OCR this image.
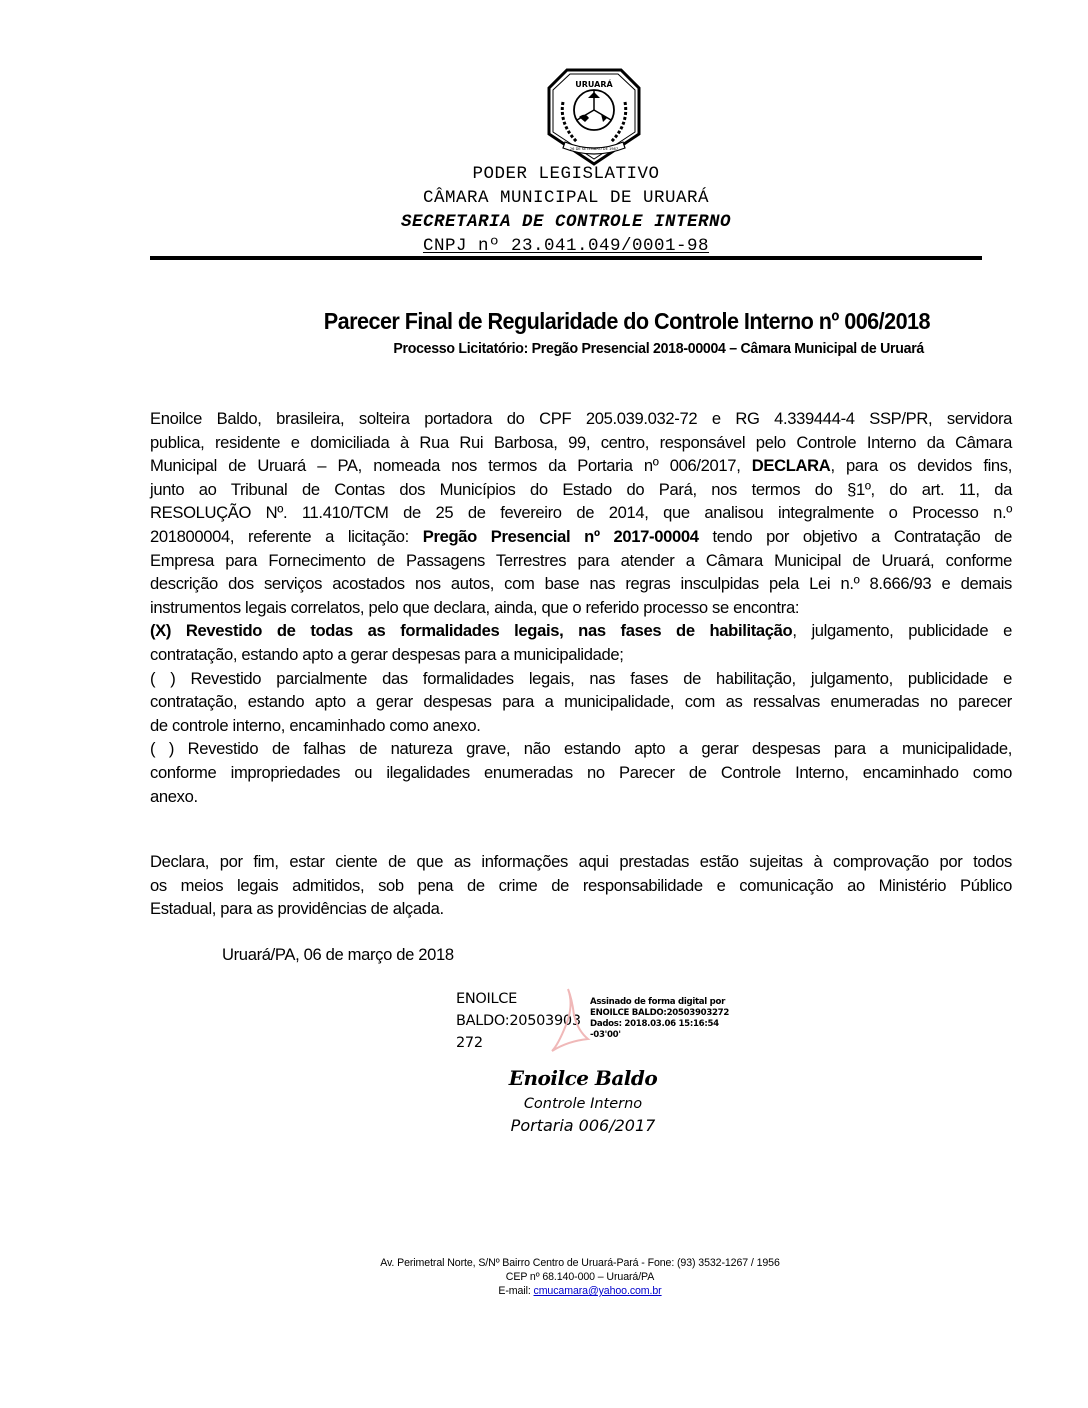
URUARÁ
26 DE SETEMBRO DE 1987
PODER LEGISLATIVO
CÂMARA MUNICIPAL DE URUARÁ
SECRETARIA DE CONTROLE INTERNO
CNPJ nº 23.041.049/0001-98
Parecer Final de Regularidade do Controle Interno nº 006/2018
Processo Licitatório: Pregão Presencial 2018-00004 – Câmara Municipal de Uruará
Enoilce Baldo, brasileira, solteira portadora do CPF 205.039.032-72 e RG 4.339444-4 SSP/PR, servidora
publica, residente e domiciliada à Rua Rui Barbosa, 99, centro, responsável pelo Controle Interno da Câmara
Municipal de Uruará – PA, nomeada nos termos da Portaria nº 006/2017, DECLARA, para os devidos fins,
junto ao Tribunal de Contas dos Municípios do Estado do Pará, nos termos do §1º, do art. 11, da
RESOLUÇÃO Nº. 11.410/TCM de 25 de fevereiro de 2014, que analisou integralmente o Processo n.º
201800004, referente a licitação: Pregão Presencial nº 2017-00004 tendo por objetivo a Contratação de
Empresa para Fornecimento de Passagens Terrestres para atender a Câmara Municipal de Uruará, conforme
descrição dos serviços acostados nos autos, com base nas regras insculpidas pela Lei n.º 8.666/93 e demais
instrumentos legais correlatos, pelo que declara, ainda, que o referido processo se encontra:
(X) Revestido de todas as formalidades legais, nas fases de habilitação, julgamento, publicidade e
contratação, estando apto a gerar despesas para a municipalidade;
( ) Revestido parcialmente das formalidades legais, nas fases de habilitação, julgamento, publicidade e
contratação, estando apto a gerar despesas para a municipalidade, com as ressalvas enumeradas no parecer
de controle interno, encaminhado como anexo.
( ) Revestido de falhas de natureza grave, não estando apto a gerar despesas para a municipalidade,
conforme impropriedades ou ilegalidades enumeradas no Parecer de Controle Interno, encaminhado como
anexo.
Declara, por fim, estar ciente de que as informações aqui prestadas estão sujeitas à comprovação por todos
os meios legais admitidos, sob pena de crime de responsabilidade e comunicação ao Ministério Público
Estadual, para as providências de alçada.
Uruará/PA, 06 de março de 2018
ENOILCE
BALDO:20503903
272
Assinado de forma digital por
ENOILCE BALDO:20503903272
Dados: 2018.03.06 15:16:54
-03'00'
Enoilce Baldo
Controle Interno
Portaria 006/2017
Av. Perimetral Norte, S/Nº Bairro Centro de Uruará-Pará - Fone: (93) 3532-1267 / 1956
CEP nº 68.140-000 – Uruará/PA
E-mail: cmucamara@yahoo.com.br
